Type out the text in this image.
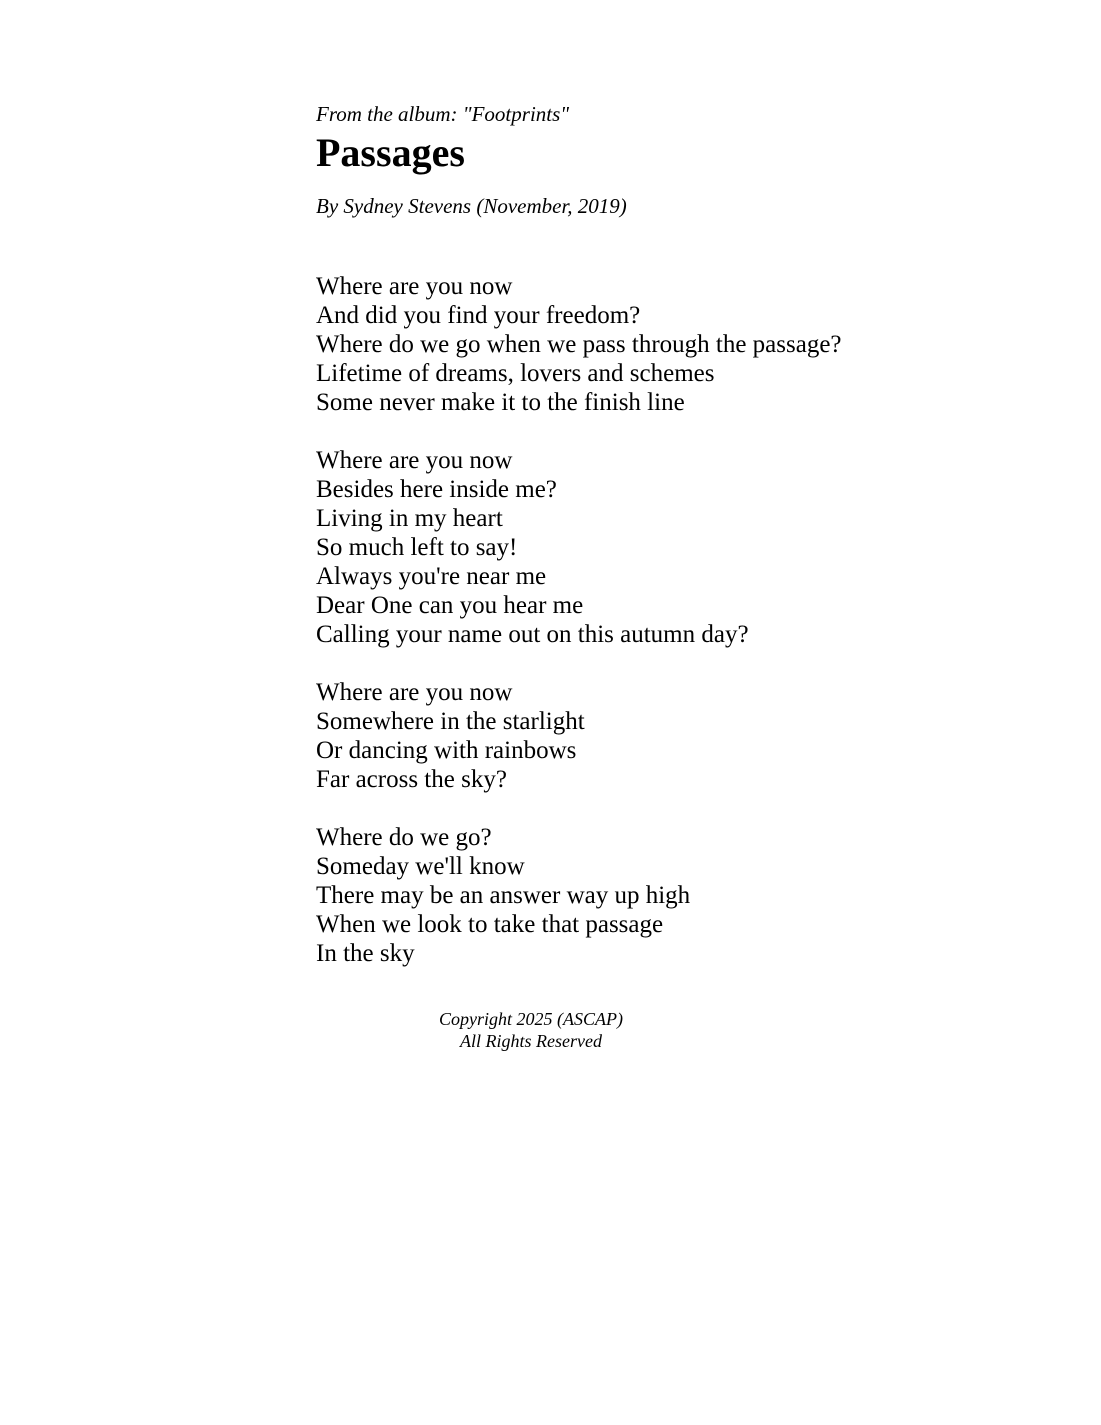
From the album: "Footprints"

Passages

By Sydney Stevens (November, 2019)

Where are you now
And did you find your freedom?
Where do we go when we pass through the passage?
Lifetime of dreams, lovers and schemes
Some never make it to the finish line
Where are you now
Besides here inside me?
Living in my heart
So much left to say!
Always you're near me
Dear One can you hear me
Calling your name out on this autumn day?
Where are you now
Somewhere in the starlight
Or dancing with rainbows
Far across the sky?
Where do we go?
Someday we'll know
There may be an answer way up high
When we look to take that passage
In the sky
Copyright 2025 (ASCAP)
All Rights Reserved
